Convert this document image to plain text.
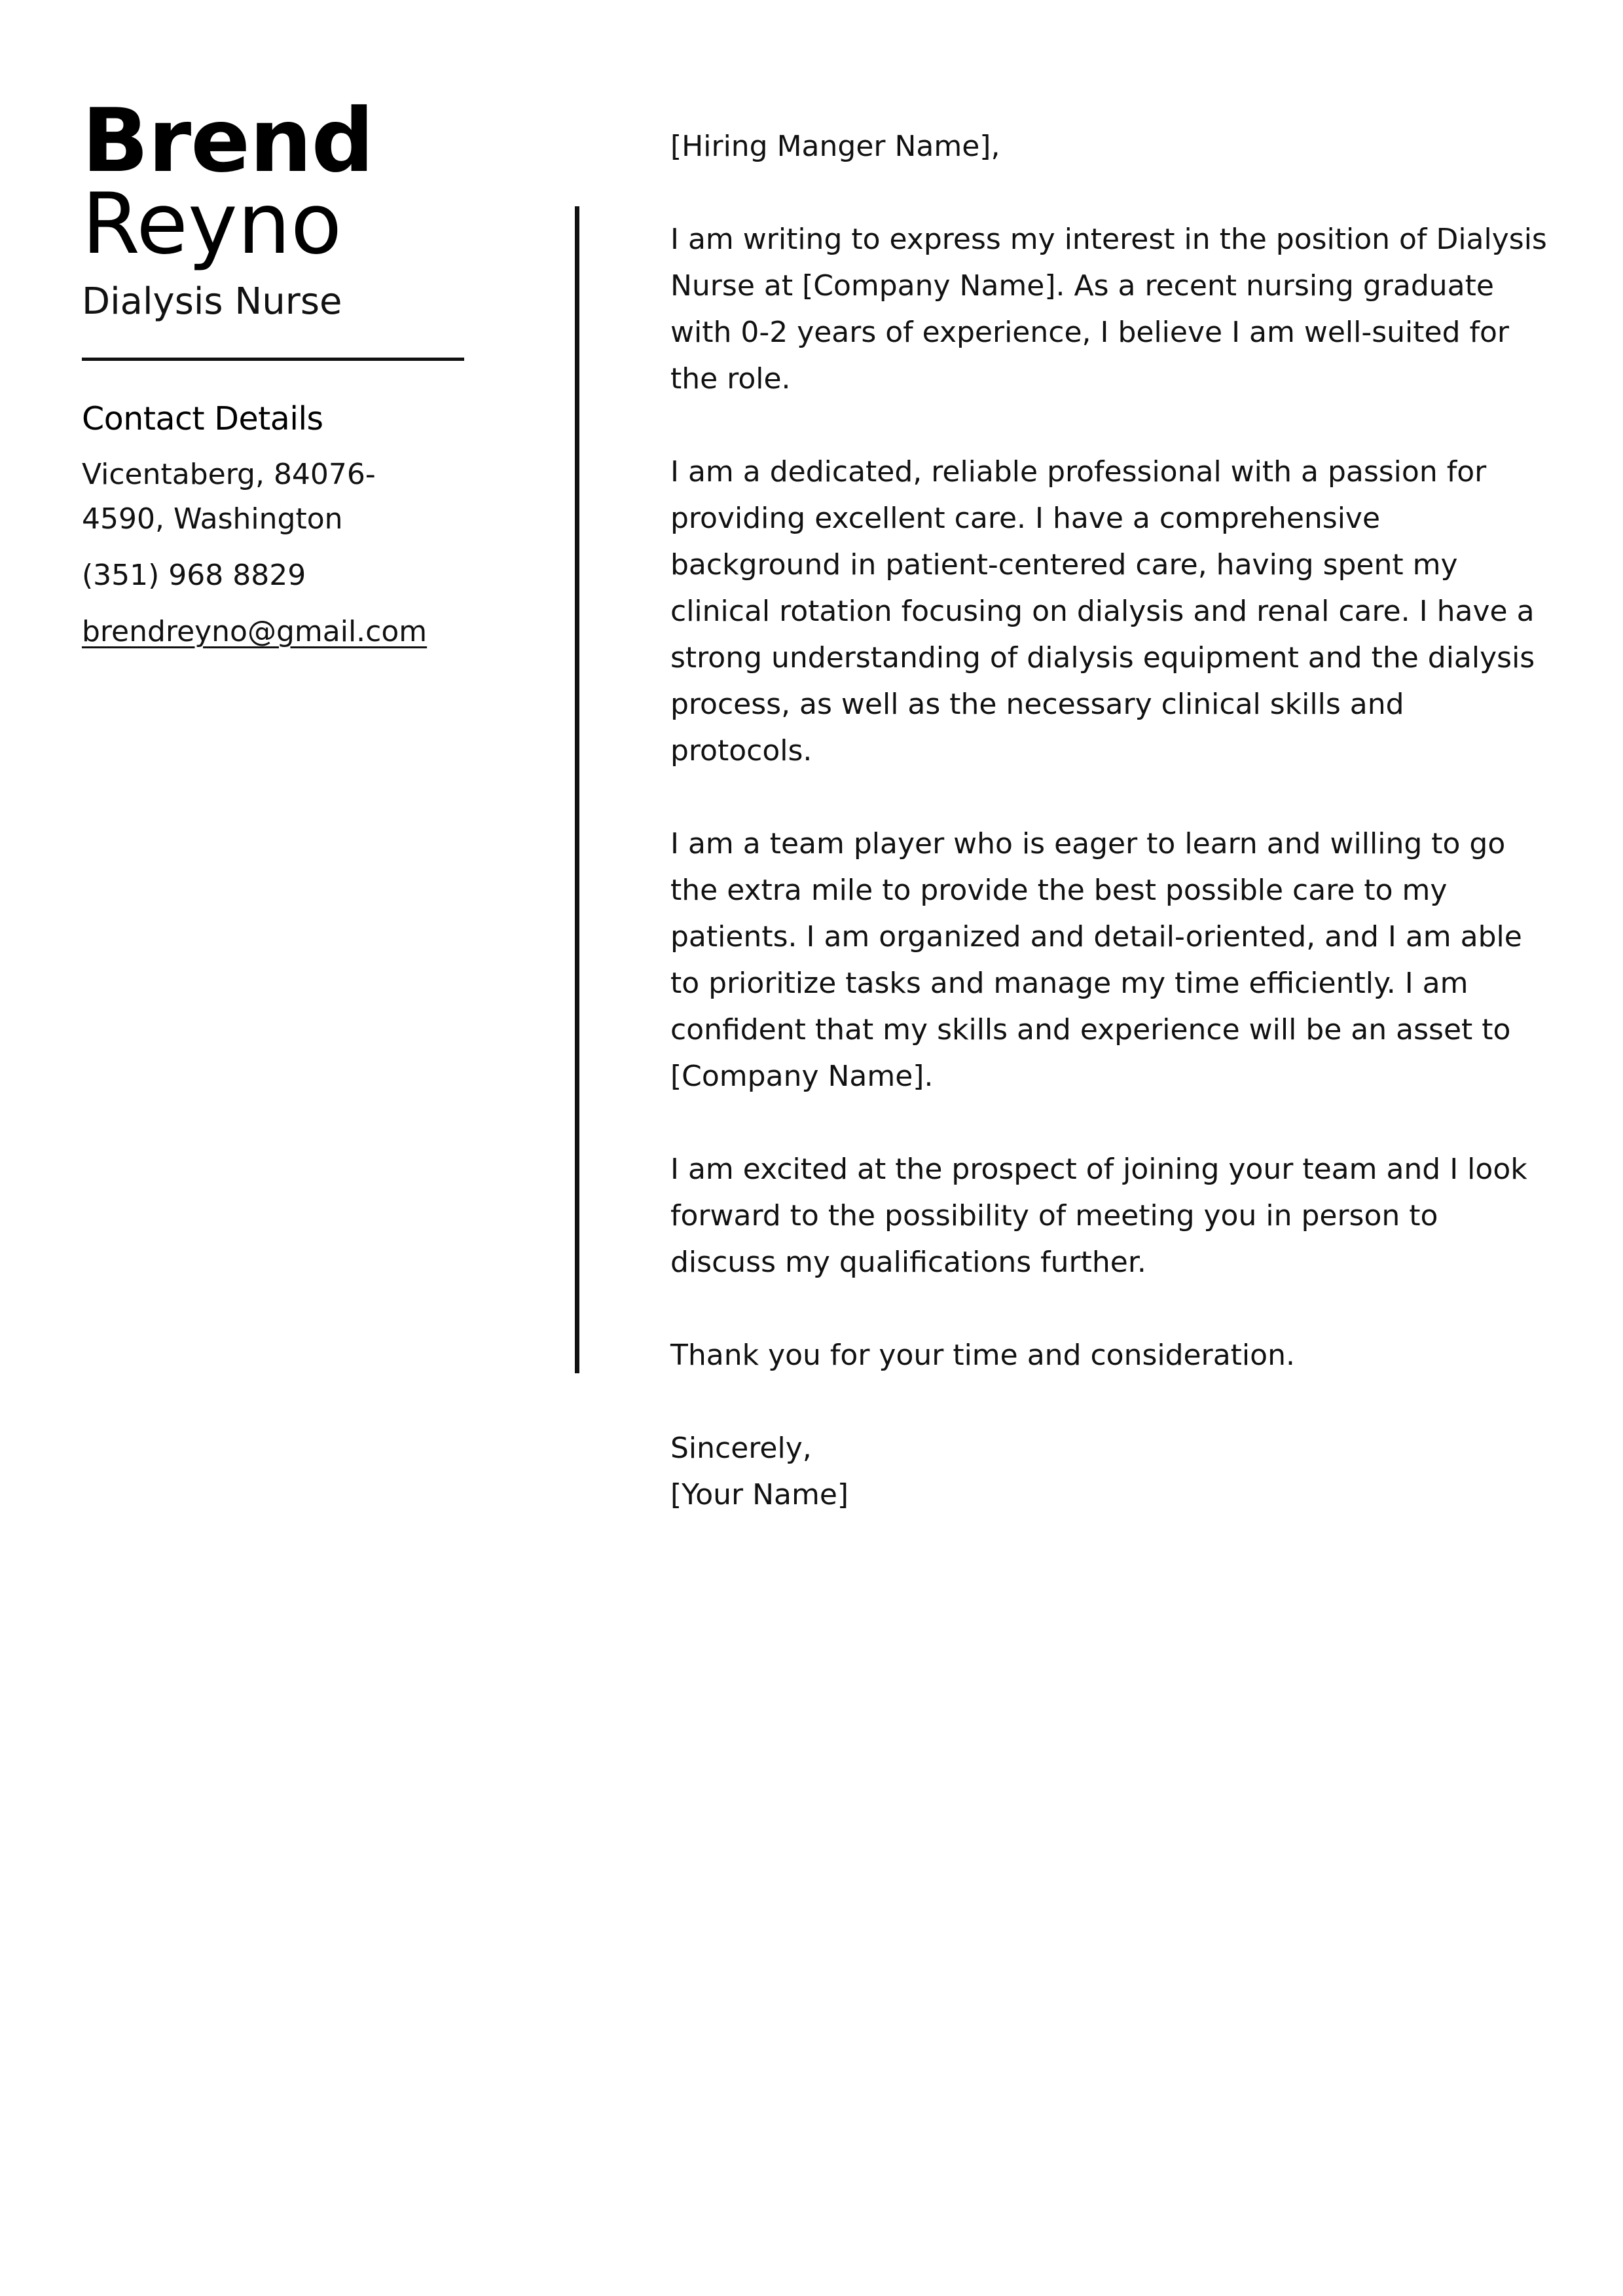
Brend
Reyno
Dialysis Nurse
Contact Details
Vicentaberg, 84076-4590, Washington
(351) 968 8829
brendreyno@gmail.com

[Hiring Manger Name],

I am writing to express my interest in the position of Dialysis Nurse at [Company Name]. As a recent nursing graduate with 0-2 years of experience, I believe I am well-suited for the role.

I am a dedicated, reliable professional with a passion for providing excellent care. I have a comprehensive background in patient-centered care, having spent my clinical rotation focusing on dialysis and renal care. I have a strong understanding of dialysis equipment and the dialysis process, as well as the necessary clinical skills and protocols.

I am a team player who is eager to learn and willing to go the extra mile to provide the best possible care to my patients. I am organized and detail-oriented, and I am able to prioritize tasks and manage my time efficiently. I am confident that my skills and experience will be an asset to [Company Name].

I am excited at the prospect of joining your team and I look forward to the possibility of meeting you in person to discuss my qualifications further.

Thank you for your time and consideration.

Sincerely,

[Your Name]
